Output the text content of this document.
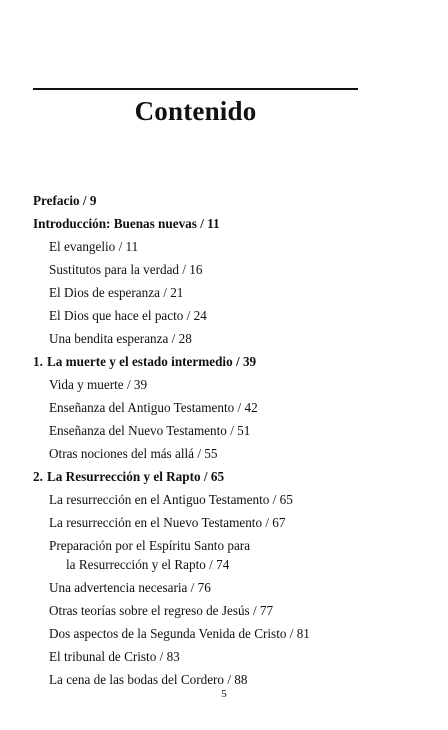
Contenido
Prefacio / 9
Introducción: Buenas nuevas / 11
El evangelio / 11
Sustitutos para la verdad / 16
El Dios de esperanza / 21
El Dios que hace el pacto / 24
Una bendita esperanza / 28
1. La muerte y el estado intermedio / 39
Vida y muerte / 39
Enseñanza del Antiguo Testamento / 42
Enseñanza del Nuevo Testamento / 51
Otras nociones del más allá / 55
2. La Resurrección y el Rapto / 65
La resurrección en el Antiguo Testamento / 65
La resurrección en el Nuevo Testamento / 67
Preparación por el Espíritu Santo para
la Resurrección y el Rapto / 74
Una advertencia necesaria / 76
Otras teorías sobre el regreso de Jesús / 77
Dos aspectos de la Segunda Venida de Cristo / 81
El tribunal de Cristo / 83
La cena de las bodas del Cordero / 88
5
